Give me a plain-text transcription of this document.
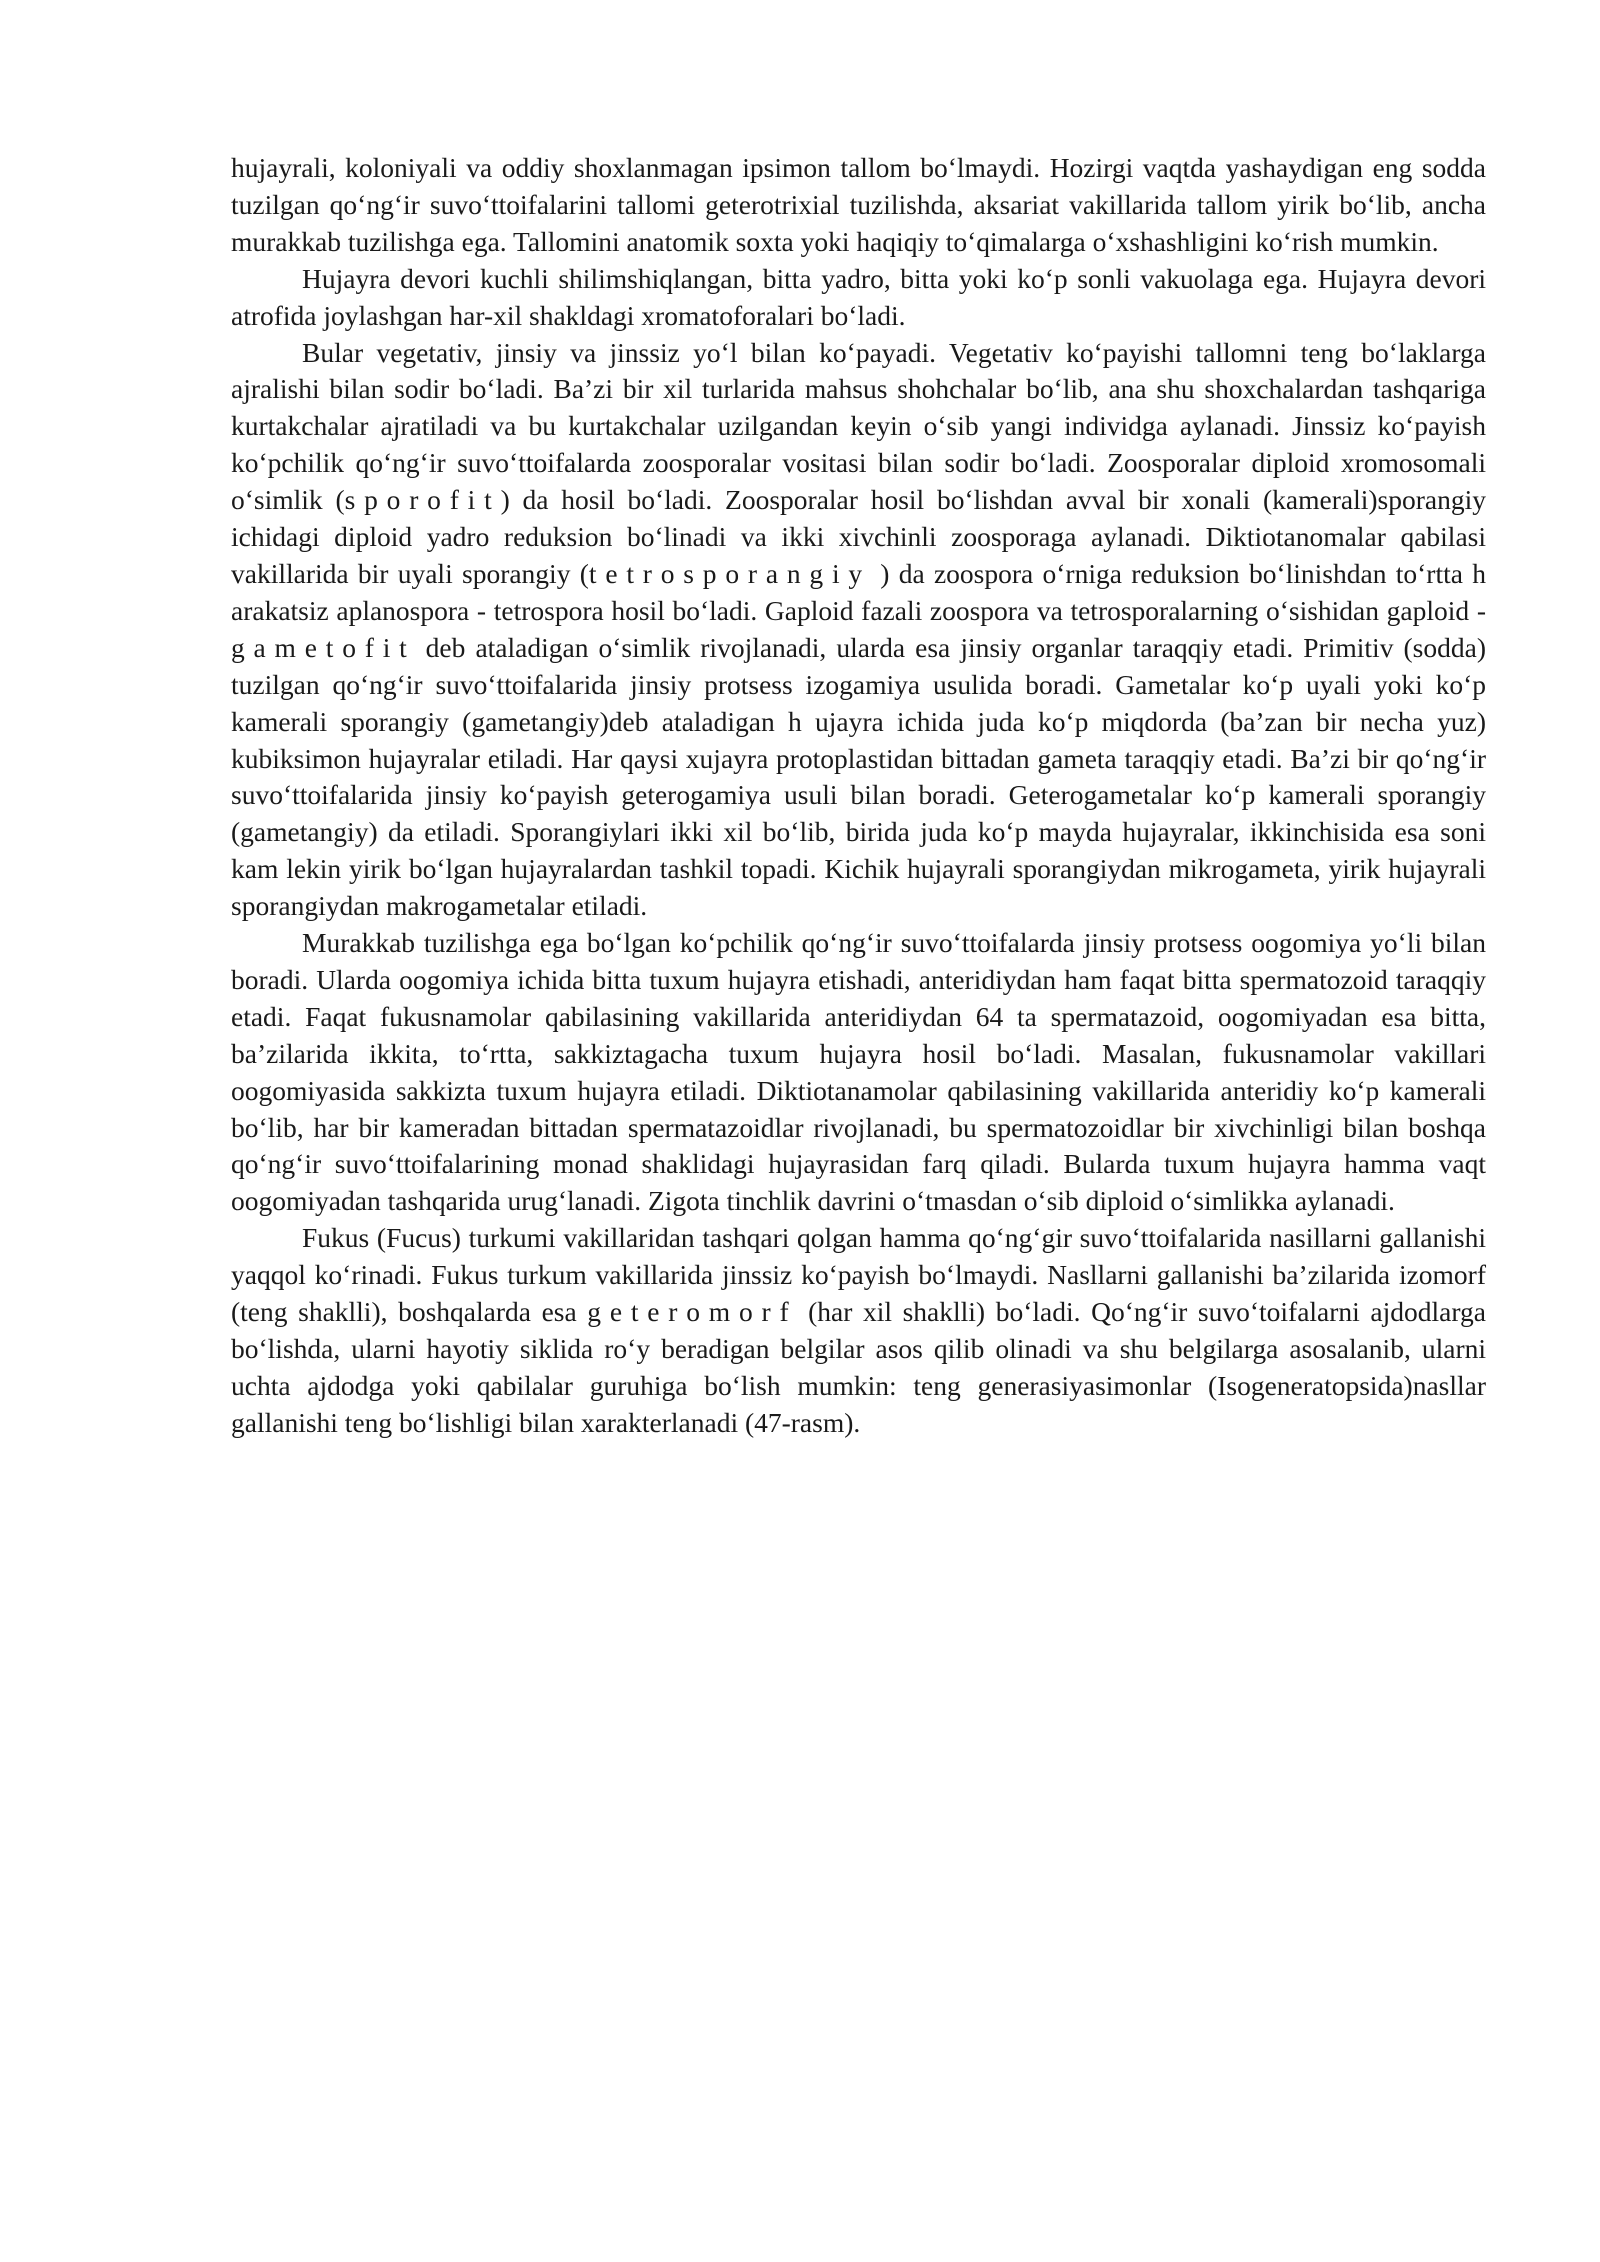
hujayrali, koloniyali va oddiy shoxlanmagan ipsimon tallom bo‘lmaydi. Hozirgi vaqtda yashaydigan eng sodda tuzilgan qo‘ng‘ir suvo‘ttoifalarini tallomi geterotrixial tuzilishda, aksariat vakillarida tallom yirik bo‘lib, ancha murakkab tuzilishga ega. Tallomini anatomik soxta yoki haqiqiy to‘qimalarga o‘xshashligini ko‘rish mumkin.

Hujayra devori kuchli shilimshiqlangan, bitta yadro, bitta yoki ko‘p sonli vakuolaga ega. Hujayra devori atrofida joylashgan har-xil shakldagi xromatoforalari bo‘ladi.

Bular vegetativ, jinsiy va jinssiz yo‘l bilan ko‘payadi. Vegetativ ko‘payishi tallomni teng bo‘laklarga ajralishi bilan sodir bo‘ladi. Ba’zi bir xil turlarida mahsus shohchalar bo‘lib, ana shu shoxchalardan tashqariga kurtakchalar ajratiladi va bu kurtakchalar uzilgandan keyin o‘sib yangi individga aylanadi. Jinssiz ko‘payish ko‘pchilik qo‘ng‘ir suvo‘ttoifalarda zoosporalar vositasi bilan sodir bo‘ladi. Zoosporalar diploid xromosomali o‘simlik (sporofit) da hosil bo‘ladi. Zoosporalar hosil bo‘lishdan avval bir xonali (kamerali)sporangiy ichidagi diploid yadro reduksion bo‘linadi va ikki xivchinli zoosporaga aylanadi. Diktiotanomalar qabilasi vakillarida bir uyali sporangiy (tetrosporangiy ) da zoospora o‘rniga reduksion bo‘linishdan to‘rtta h arakatsiz aplanospora - tetrospora hosil bo‘ladi. Gaploid fazali zoospora va tetrosporalarning o‘sishidan gaploid - gametofit deb ataladigan o‘simlik rivojlanadi, ularda esa jinsiy organlar taraqqiy etadi. Primitiv (sodda) tuzilgan qo‘ng‘ir suvo‘ttoifalarida jinsiy protsess izogamiya usulida boradi. Gametalar ko‘p uyali yoki ko‘p kamerali sporangiy (gametangiy)deb ataladigan h ujayra ichida juda ko‘p miqdorda (ba’zan bir necha yuz) kubiksimon hujayralar etiladi. Har qaysi xujayra protoplastidan bittadan gameta taraqqiy etadi. Ba’zi bir qo‘ng‘ir suvo‘ttoifalarida jinsiy ko‘payish geterogamiya usuli bilan boradi. Geterogametalar ko‘p kamerali sporangiy (gametangiy) da etiladi. Sporangiylari ikki xil bo‘lib, birida juda ko‘p mayda hujayralar, ikkinchisida esa soni kam lekin yirik bo‘lgan hujayralardan tashkil topadi. Kichik hujayrali sporangiydan mikrogameta, yirik hujayrali sporangiydan makrogametalar etiladi.

Murakkab tuzilishga ega bo‘lgan ko‘pchilik qo‘ng‘ir suvo‘ttoifalarda jinsiy protsess oogomiya yo‘li bilan boradi. Ularda oogomiya ichida bitta tuxum hujayra etishadi, anteridiydan ham faqat bitta spermatozoid taraqqiy etadi. Faqat fukusnamolar qabilasining vakillarida anteridiydan 64 ta spermatazoid, oogomiyadan esa bitta, ba’zilarida ikkita, to‘rtta, sakkiztagacha tuxum hujayra hosil bo‘ladi. Masalan, fukusnamolar vakillari oogomiyasida sakkizta tuxum hujayra etiladi. Diktiotanamolar qabilasining vakillarida anteridiy ko‘p kamerali bo‘lib, har bir kameradan bittadan spermatazoidlar rivojlanadi, bu spermatozoidlar bir xivchinligi bilan boshqa qo‘ng‘ir suvo‘ttoifalarining monad shaklidagi hujayrasidan farq qiladi. Bularda tuxum hujayra hamma vaqt oogomiyadan tashqarida urug‘lanadi. Zigota tinchlik davrini o‘tmasdan o‘sib diploid o‘simlikka aylanadi.

Fukus (Fucus) turkumi vakillaridan tashqari qolgan hamma qo‘ng‘gir suvo‘ttoifalarida nasillarni gallanishi yaqqol ko‘rinadi. Fukus turkum vakillarida jinssiz ko‘payish bo‘lmaydi. Nasllarni gallanishi ba’zilarida izomorf (teng shaklli), boshqalarda esa geteromorf (har xil shaklli) bo‘ladi. Qo‘ng‘ir suvo‘toifalarni ajdodlarga bo‘lishda, ularni hayotiy siklida ro‘y beradigan belgilar asos qilib olinadi va shu belgilarga asosalanib, ularni uchta ajdodga yoki qabilalar guruhiga bo‘lish mumkin: teng generasiyasimonlar (Isogeneratopsida)nasllar gallanishi teng bo‘lishligi bilan xarakterlanadi (47-rasm).
